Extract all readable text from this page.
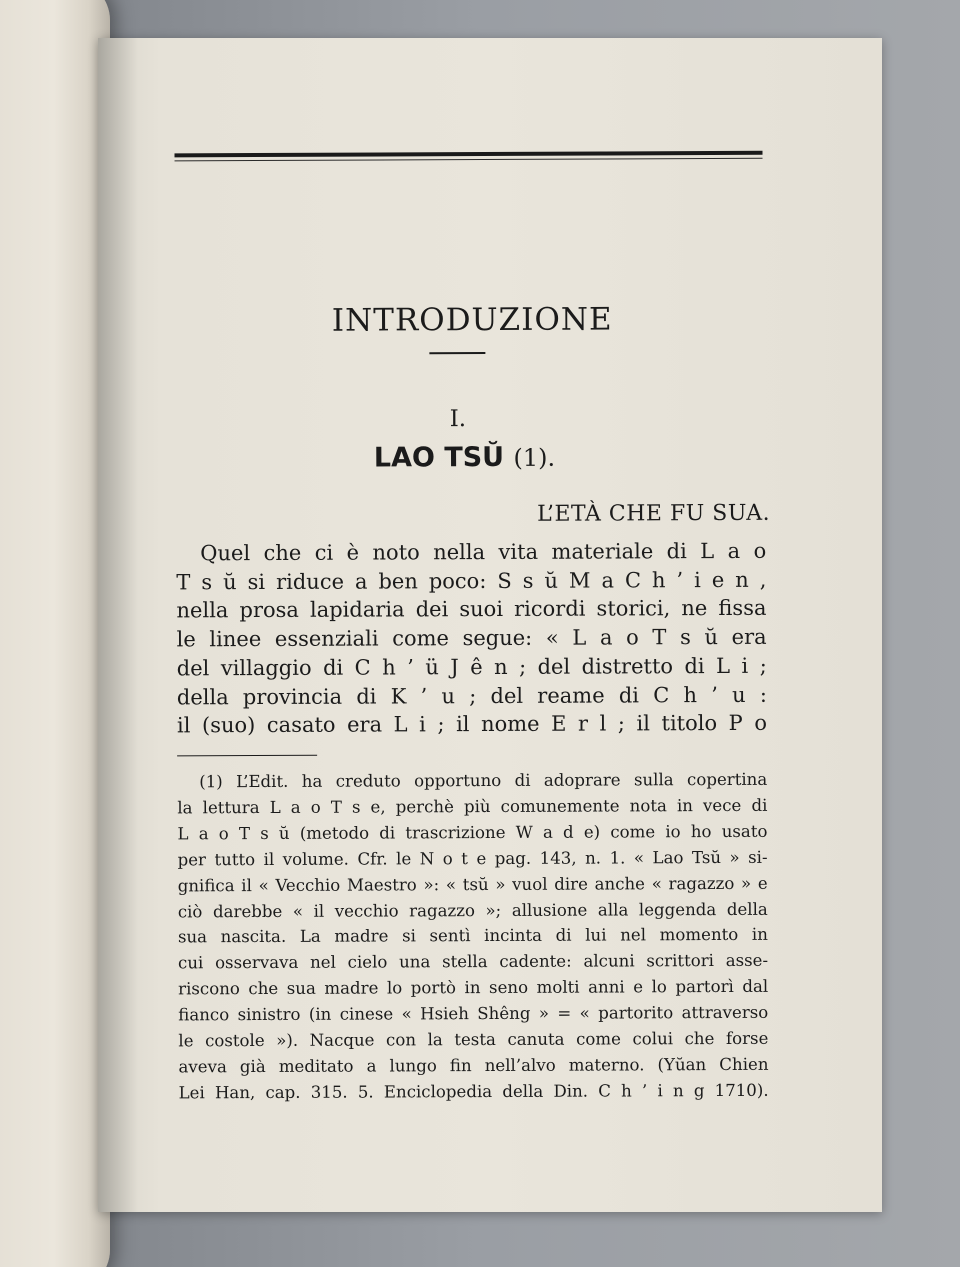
INTRODUZIONE
I.
LAO TSŬ (1).
L’ETÀ CHE FU SUA.
Quel che ci è noto nella vita materiale di L a o
T s ŭ si riduce a ben poco: S s ŭ M a C h ’ i e n ,
nella prosa lapidaria dei suoi ricordi storici, ne fissa
le linee essenziali come segue: « L a o T s ŭ era
del villaggio di C h ’ ü J ê n ; del distretto di L i ;
della provincia di K ’ u ; del reame di C h ’ u :
il (suo) casato era L i ; il nome E r l ; il titolo P o
(1) L’Edit. ha creduto opportuno di adoprare sulla copertina
la lettura L a o T s e, perchè più comunemente nota in vece di
L a o T s ŭ (metodo di trascrizione W a d e) come io ho usato
per tutto il volume. Cfr. le N o t e pag. 143, n. 1. « Lao Tsŭ » si-
gnifica il « Vecchio Maestro »: « tsŭ » vuol dire anche « ragazzo » e
ciò darebbe « il vecchio ragazzo »; allusione alla leggenda della
sua nascita. La madre si sentì incinta di lui nel momento in
cui osservava nel cielo una stella cadente: alcuni scrittori asse-
riscono che sua madre lo portò in seno molti anni e lo partorì dal
fianco sinistro (in cinese « Hsieh Shêng » = « partorito attraverso
le costole »). Nacque con la testa canuta come colui che forse
aveva già meditato a lungo fin nell’alvo materno. (Yŭan Chien
Lei Han, cap. 315. 5. Enciclopedia della Din. C h ’ i n g 1710).
